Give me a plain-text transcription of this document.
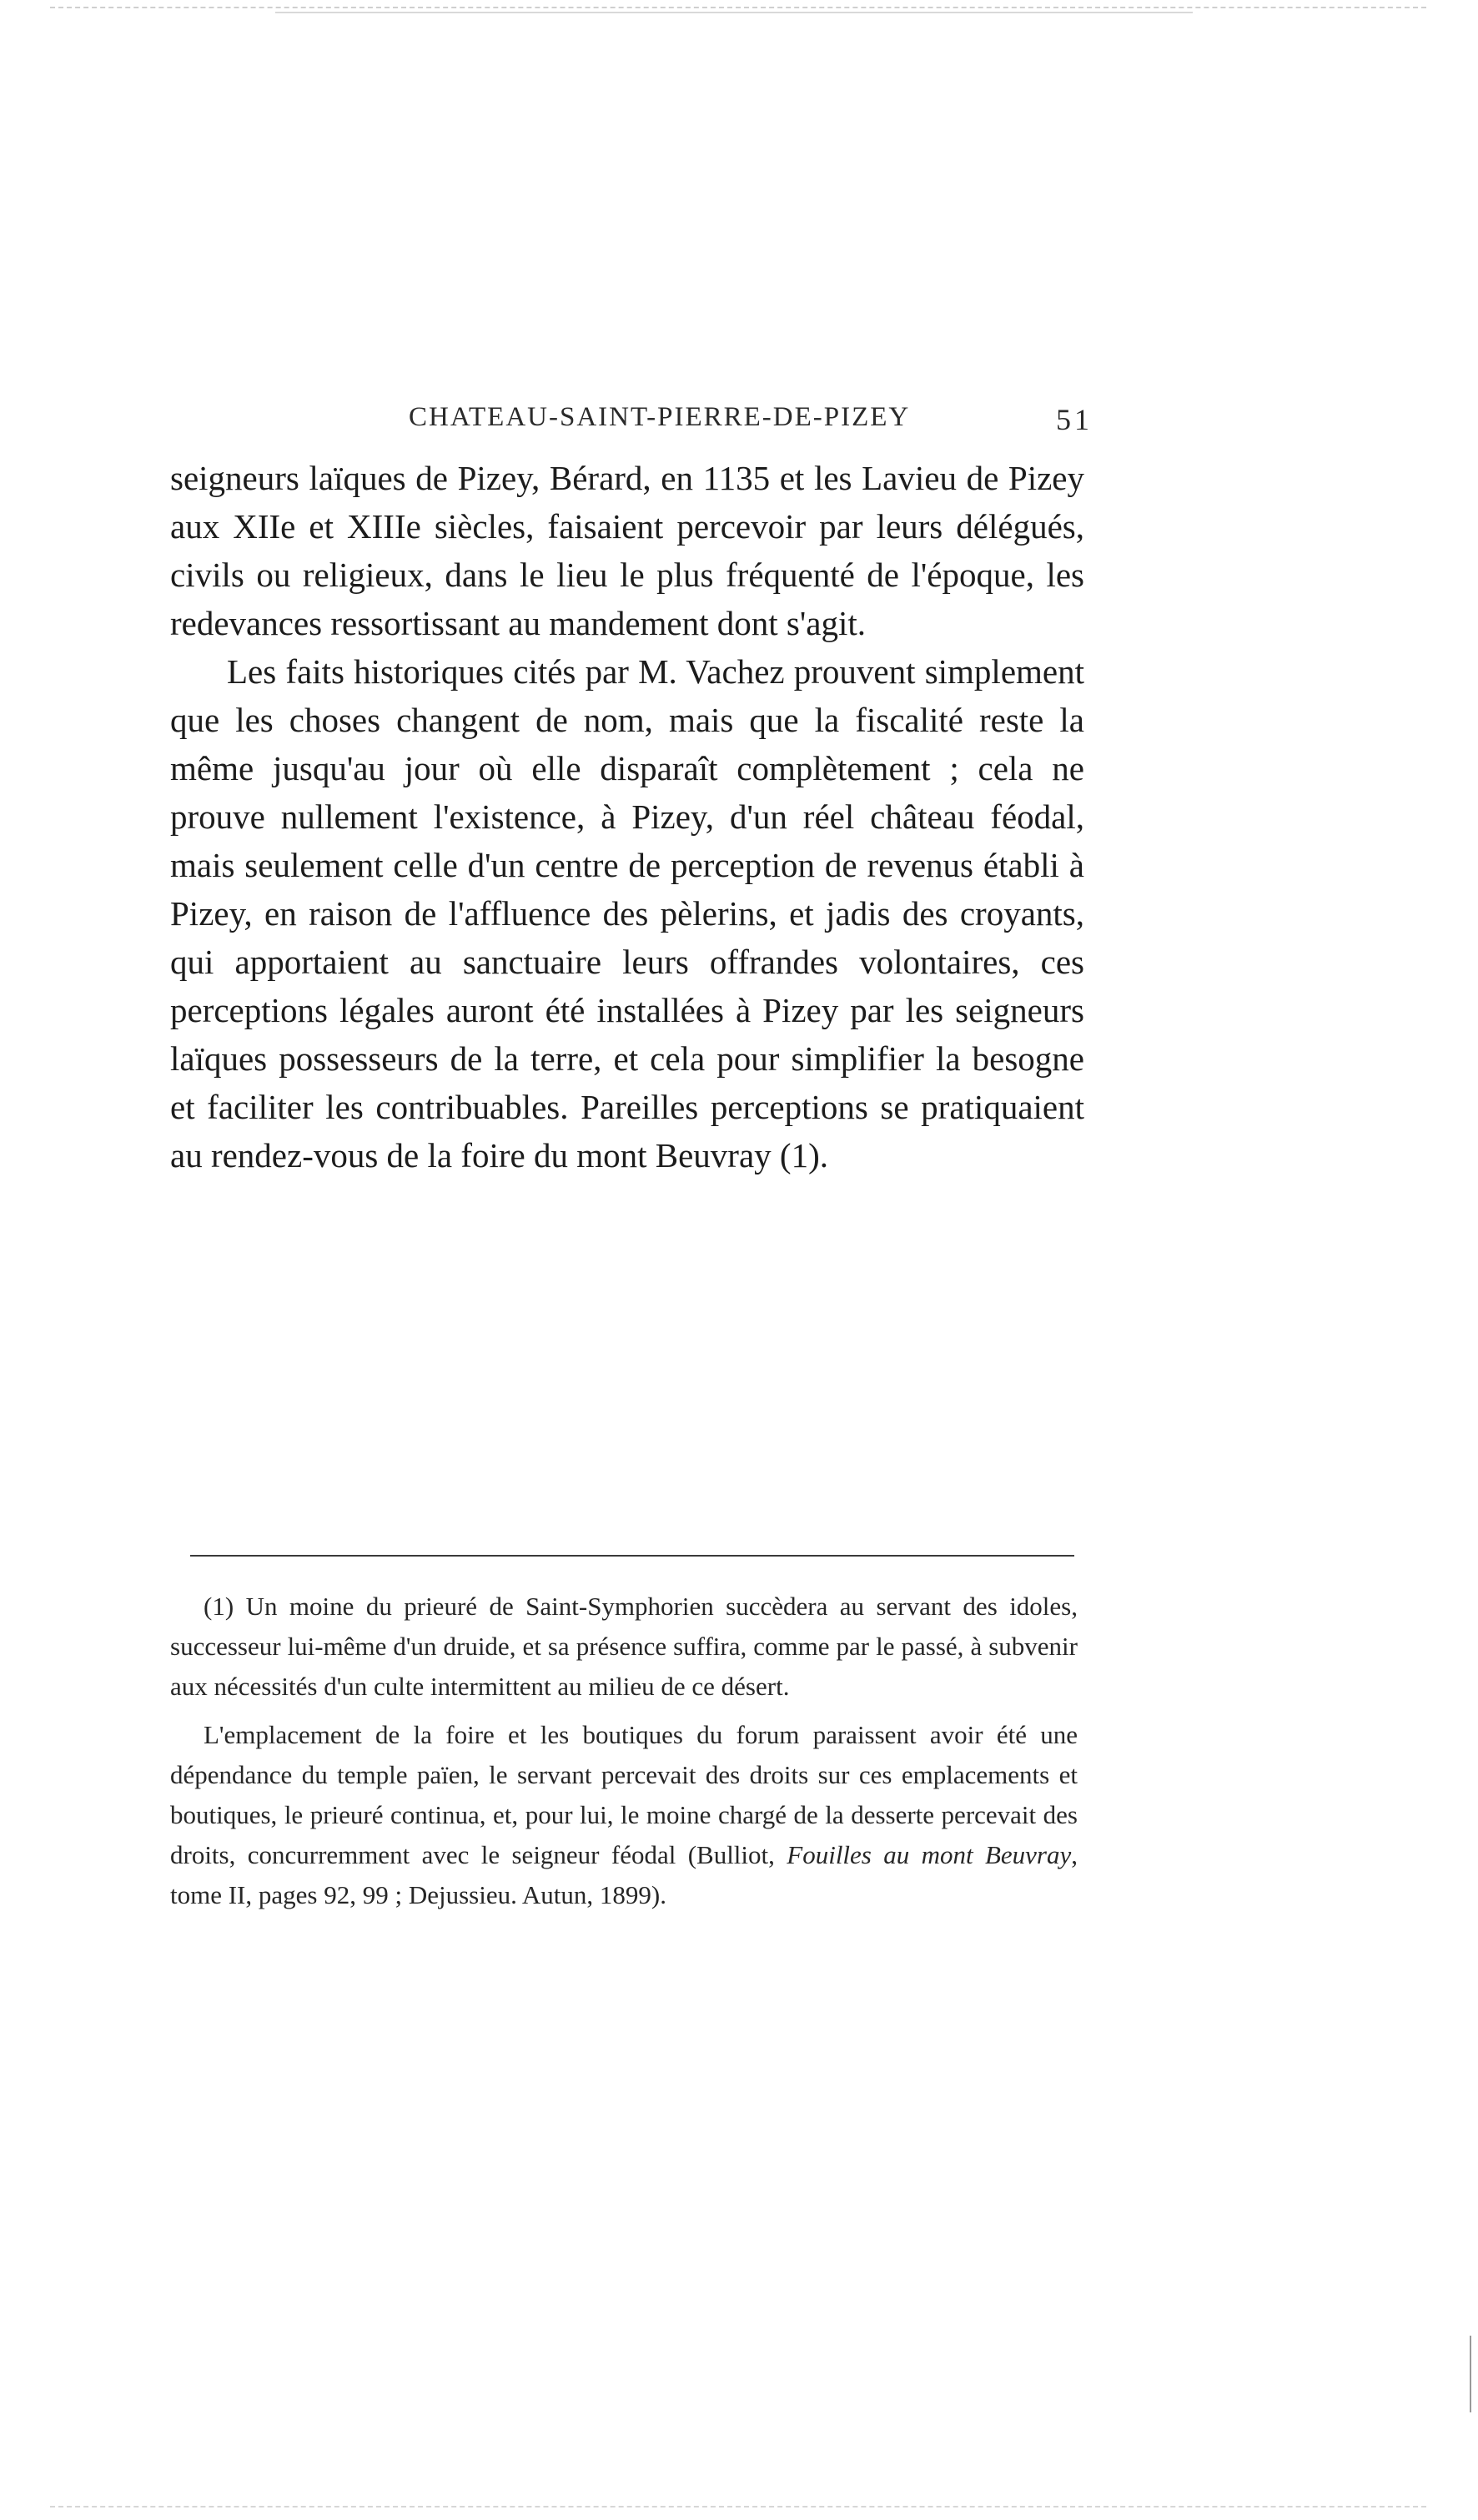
CHATEAU-SAINT-PIERRE-DE-PIZEY	51

seigneurs laïques de Pizey, Bérard, en 1135 et les Lavieu de Pizey aux XIIe et XIIIe siècles, faisaient percevoir par leurs délégués, civils ou religieux, dans le lieu le plus fréquenté de l'époque, les redevances ressortissant au mandement dont s'agit.

Les faits historiques cités par M. Vachez prouvent simplement que les choses changent de nom, mais que la fiscalité reste la même jusqu'au jour où elle disparaît complètement ; cela ne prouve nullement l'existence, à Pizey, d'un réel château féodal, mais seulement celle d'un centre de perception de revenus établi à Pizey, en raison de l'affluence des pèlerins, et jadis des croyants, qui apportaient au sanctuaire leurs offrandes volontaires, ces perceptions légales auront été installées à Pizey par les seigneurs laïques possesseurs de la terre, et cela pour simplifier la besogne et faciliter les contribuables. Pareilles perceptions se pratiquaient au rendez-vous de la foire du mont Beuvray (1).

(1) Un moine du prieuré de Saint-Symphorien succèdera au servant des idoles, successeur lui-même d'un druide, et sa présence suffira, comme par le passé, à subvenir aux nécessités d'un culte intermittent au milieu de ce désert.

L'emplacement de la foire et les boutiques du forum paraissent avoir été une dépendance du temple païen, le servant percevait des droits sur ces emplacements et boutiques, le prieuré continua, et, pour lui, le moine chargé de la desserte percevait des droits, concurremment avec le seigneur féodal (Bulliot, Fouilles au mont Beuvray, tome II, pages 92, 99 ; Dejussieu. Autun, 1899).
